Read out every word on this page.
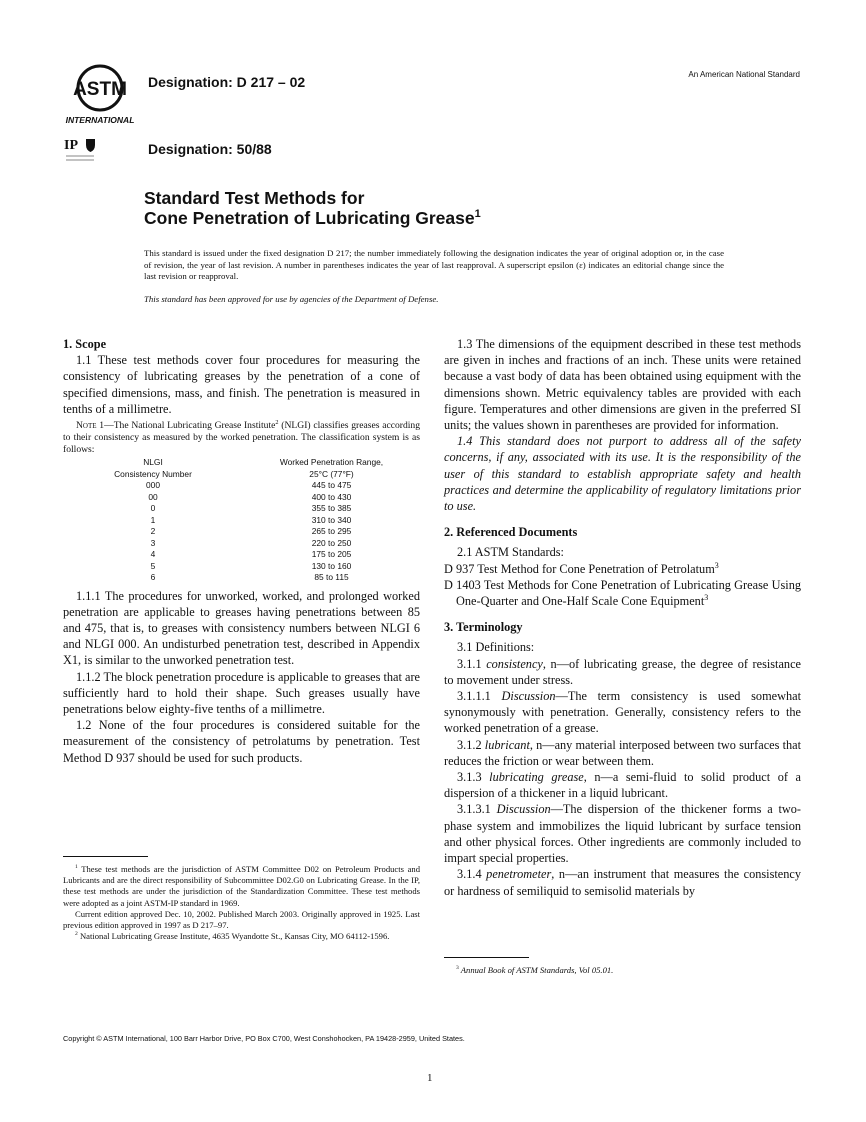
ASTM
INTERNATIONAL
IP
Designation: D 217 – 02
Designation: 50/88
An American National Standard
Standard Test Methods for
Cone Penetration of Lubricating Grease$^1$
This standard is issued under the fixed designation D 217; the number immediately following the designation indicates the year of original adoption or, in the case of revision, the year of last revision. A number in parentheses indicates the year of last reapproval. A superscript epsilon (ε) indicates an editorial change since the last revision or reapproval.
This standard has been approved for use by agencies of the Department of Defense.
1. Scope

1.1 These test methods cover four procedures for measuring the consistency of lubricating greases by the penetration of a cone of specified dimensions, mass, and finish. The penetration is measured in tenths of a millimetre.

Note 1—The National Lubricating Grease Institute$^2$ (NLGI) classifies greases according to their consistency as measured by the worked penetration. The classification system is as follows:

NLGI	Worked Penetration Range,
Consistency Number	25°C (77°F)
000	445 to 475
00	400 to 430
0	355 to 385
1	310 to 340
2	265 to 295
3	220 to 250
4	175 to 205
5	130 to 160
6	85 to 115

1.1.1 The procedures for unworked, worked, and prolonged worked penetration are applicable to greases having penetrations between 85 and 475, that is, to greases with consistency numbers between NLGI 6 and NLGI 000. An undisturbed penetration test, described in Appendix X1, is similar to the unworked penetration test.

1.1.2 The block penetration procedure is applicable to greases that are sufficiently hard to hold their shape. Such greases usually have penetrations below eighty-five tenths of a millimetre.

1.2 None of the four procedures is considered suitable for the measurement of the consistency of petrolatums by penetration. Test Method D 937 should be used for such products.

1.3 The dimensions of the equipment described in these test methods are given in inches and fractions of an inch. These units were retained because a vast body of data has been obtained using equipment with the dimensions shown. Metric equivalency tables are provided with each figure. Temperatures and other dimensions are given in the preferred SI units; the values shown in parentheses are provided for information.

1.4 This standard does not purport to address all of the safety concerns, if any, associated with its use. It is the responsibility of the user of this standard to establish appropriate safety and health practices and determine the applicability of regulatory limitations prior to use.

2. Referenced Documents

2.1 ASTM Standards:

D 937 Test Method for Cone Penetration of Petrolatum$^3$

D 1403 Test Methods for Cone Penetration of Lubricating Grease Using One-Quarter and One-Half Scale Cone Equipment$^3$

3. Terminology

3.1 Definitions:

3.1.1 consistency, n—of lubricating grease, the degree of resistance to movement under stress.

3.1.1.1 Discussion—The term consistency is used somewhat synonymously with penetration. Generally, consistency refers to the worked penetration of a grease.

3.1.2 lubricant, n—any material interposed between two surfaces that reduces the friction or wear between them.

3.1.3 lubricating grease, n—a semi-fluid to solid product of a dispersion of a thickener in a liquid lubricant.

3.1.3.1 Discussion—The dispersion of the thickener forms a two-phase system and immobilizes the liquid lubricant by surface tension and other physical forces. Other ingredients are commonly included to impart special properties.

3.1.4 penetrometer, n—an instrument that measures the consistency or hardness of semiliquid to semisolid materials by

$^1$ These test methods are the jurisdiction of ASTM Committee D02 on Petroleum Products and Lubricants and are the direct responsibility of Subcommittee D02.G0 on Lubricating Grease. In the IP, these test methods are under the jurisdiction of the Standardization Committee. These test methods were adopted as a joint ASTM-IP standard in 1969.

Current edition approved Dec. 10, 2002. Published March 2003. Originally approved in 1925. Last previous edition approved in 1997 as D 217–97.

$^2$ National Lubricating Grease Institute, 4635 Wyandotte St., Kansas City, MO 64112-1596.

$^3$ Annual Book of ASTM Standards, Vol 05.01.

Copyright © ASTM International, 100 Barr Harbor Drive, PO Box C700, West Conshohocken, PA 19428-2959, United States.
1
